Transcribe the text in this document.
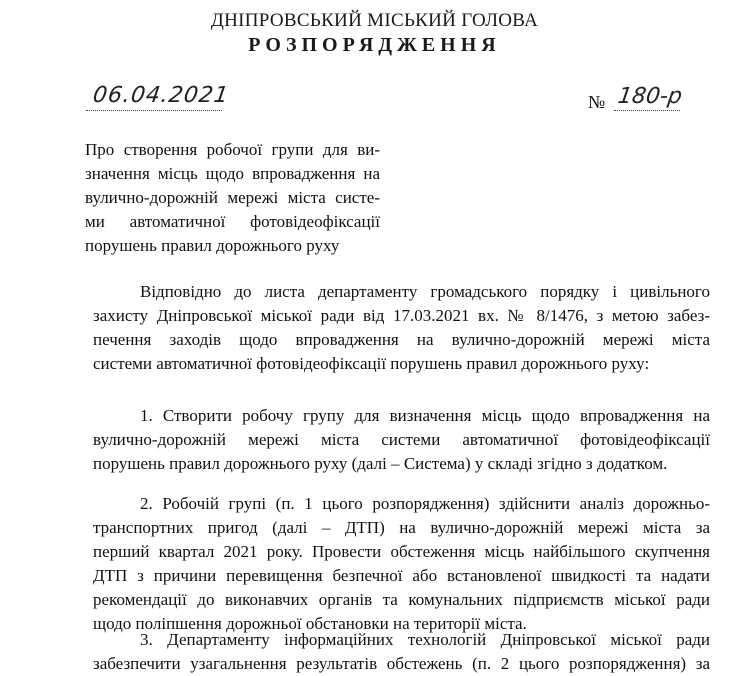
ДНІПРОВСЬКИЙ МІСЬКИЙ ГОЛОВА
РОЗПОРЯДЖЕННЯ
06.04.2021	№ 180-р
Про створення робочої групи для ви-
значення місць щодо впровадження на
вулично-дорожній мережі міста систе-
ми автоматичної фотовідеофіксації
порушень правил дорожнього руху
Відповідно до листа департаменту громадського порядку і цивільного
захисту Дніпровської міської ради від 17.03.2021 вх. № 8/1476, з метою забез-
печення заходів щодо впровадження на вулично-дорожній мережі міста
системи автоматичної фотовідеофіксації порушень правил дорожнього руху:
1. Створити робочу групу для визначення місць щодо впровадження на
вулично-дорожній мережі міста системи автоматичної фотовідеофіксації
порушень правил дорожнього руху (далі – Система) у складі згідно з додатком.
2. Робочій групі (п. 1 цього розпорядження) здійснити аналіз дорожньо-
транспортних пригод (далі – ДТП) на вулично-дорожній мережі міста за
перший квартал 2021 року. Провести обстеження місць найбільшого скупчення
ДТП з причини перевищення безпечної або встановленої швидкості та надати
рекомендації до виконавчих органів та комунальних підприємств міської ради
щодо поліпшення дорожньої обстановки на території міста.
3. Департаменту інформаційних технологій Дніпровської міської ради
забезпечити узагальнення результатів обстежень (п. 2 цього розпорядження) за
